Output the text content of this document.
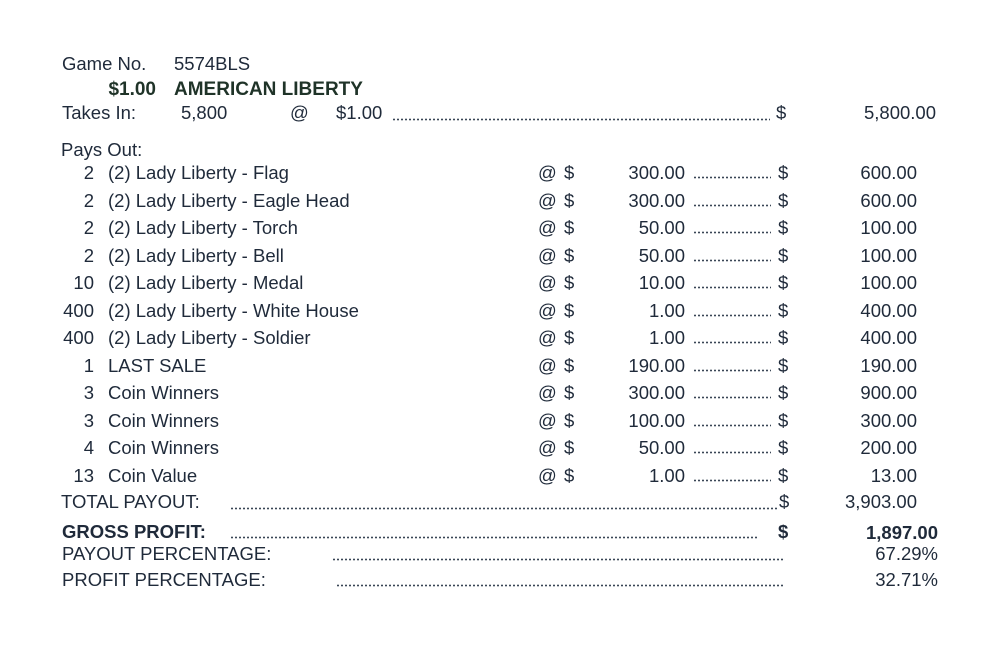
Game No. 5574BLS
$1.00 AMERICAN LIBERTY
Takes In: 5,800	@ $1.00	$	5,800.00
Pays Out:
2 (2) Lady Liberty - Flag	@ $	300.00	$	600.00
2 (2) Lady Liberty - Eagle Head	@ $	300.00	$	600.00
2 (2) Lady Liberty - Torch	@ $	50.00	$	100.00
2 (2) Lady Liberty - Bell	@ $	50.00	$	100.00
10 (2) Lady Liberty - Medal	@ $	10.00	$	100.00
400 (2) Lady Liberty - White House	@ $	1.00	$	400.00
400 (2) Lady Liberty - Soldier	@ $	1.00	$	400.00
1 LAST SALE	@ $	190.00	$	190.00
3 Coin Winners	@ $	300.00	$	900.00
3 Coin Winners	@ $	100.00	$	300.00
4 Coin Winners	@ $	50.00	$	200.00
13 Coin Value	@ $	1.00	$	13.00
TOTAL PAYOUT:	$	3,903.00
GROSS PROFIT:	$	1,897.00
PAYOUT PERCENTAGE:	67.29%
PROFIT PERCENTAGE:	32.71%
